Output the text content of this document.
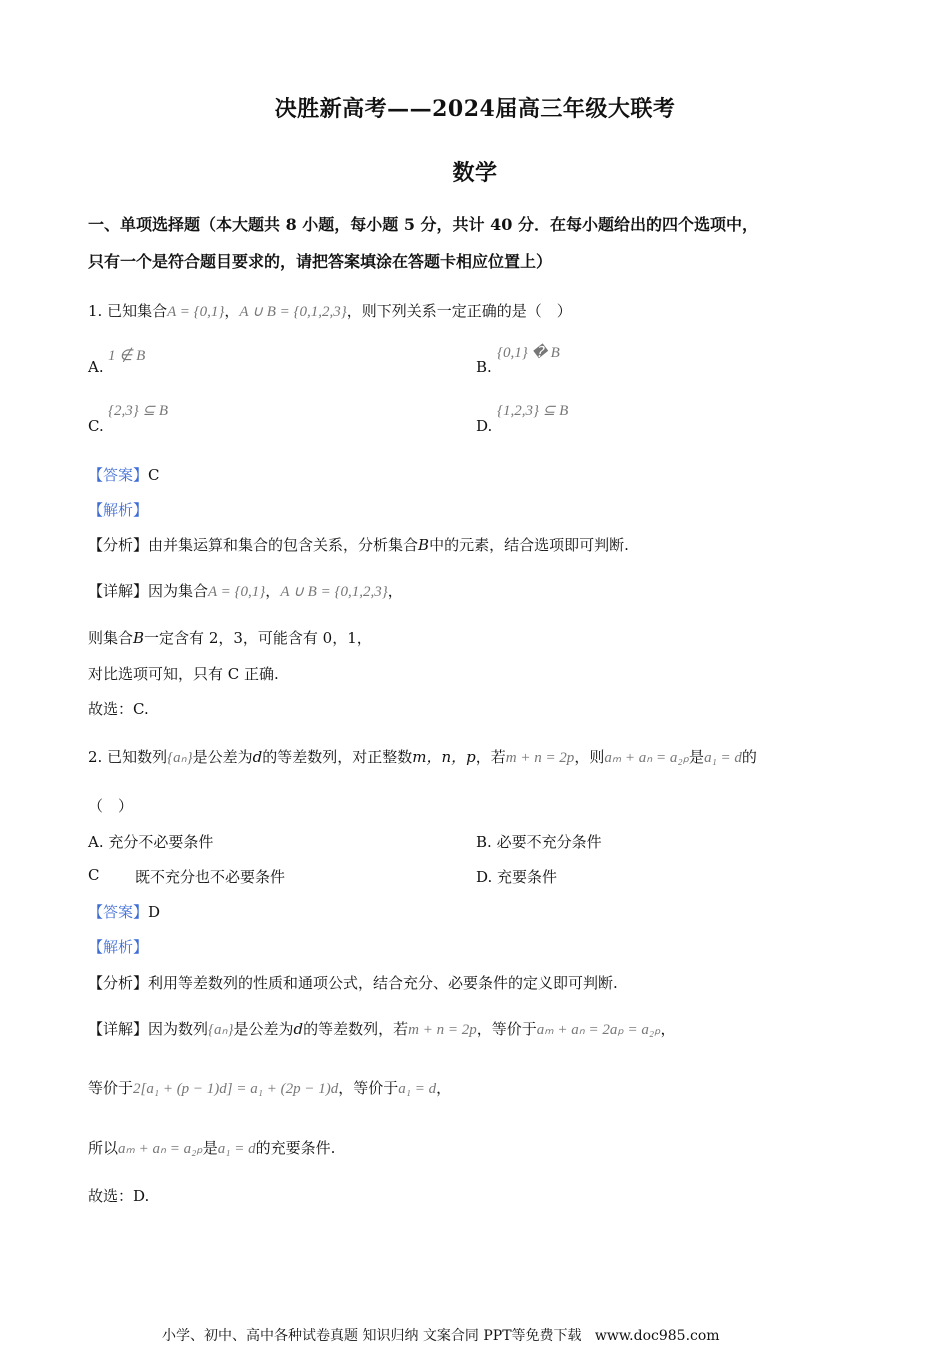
决胜新高考——2024届高三年级大联考
数学
一、单项选择题（本大题共 8 小题，每小题 5 分，共计 40 分．在每小题给出的四个选项中，
只有一个是符合题目要求的，请把答案填涂在答题卡相应位置上）
1. 已知集合A = {0,1}，A ∪ B = {0,1,2,3}，则下列关系一定正确的是（　）
A.
1 ∉ B
B.
{0,1} � B
C.
{2,3} ⊆ B
D.
{1,2,3} ⊆ B
【答案】C
【解析】
【分析】由并集运算和集合的包含关系，分析集合B中的元素，结合选项即可判断.
【详解】因为集合A = {0,1}，A ∪ B = {0,1,2,3}，
则集合B一定含有 2，3，可能含有 0，1，
对比选项可知，只有 C 正确.
故选：C.
2. 已知数列{aₙ}是公差为d的等差数列，对正整数m，n，p，若m + n = 2p，则aₘ + aₙ = a₂ₚ是a₁ = d的
（　）
A. 充分不必要条件	B. 必要不充分条件
C 既不充分也不必要条件	D. 充要条件
【答案】D
【解析】
【分析】利用等差数列的性质和通项公式，结合充分、必要条件的定义即可判断.
【详解】因为数列{aₙ}是公差为d的等差数列，若m + n = 2p，等价于aₘ + aₙ = 2aₚ = a₂ₚ，
等价于2[a₁ + (p − 1)d] = a₁ + (2p − 1)d，等价于a₁ = d，
所以aₘ + aₙ = a₂ₚ是a₁ = d的充要条件.
故选：D.
小学、初中、高中各种试卷真题 知识归纳 文案合同 PPT等免费下载 www.doc985.com
